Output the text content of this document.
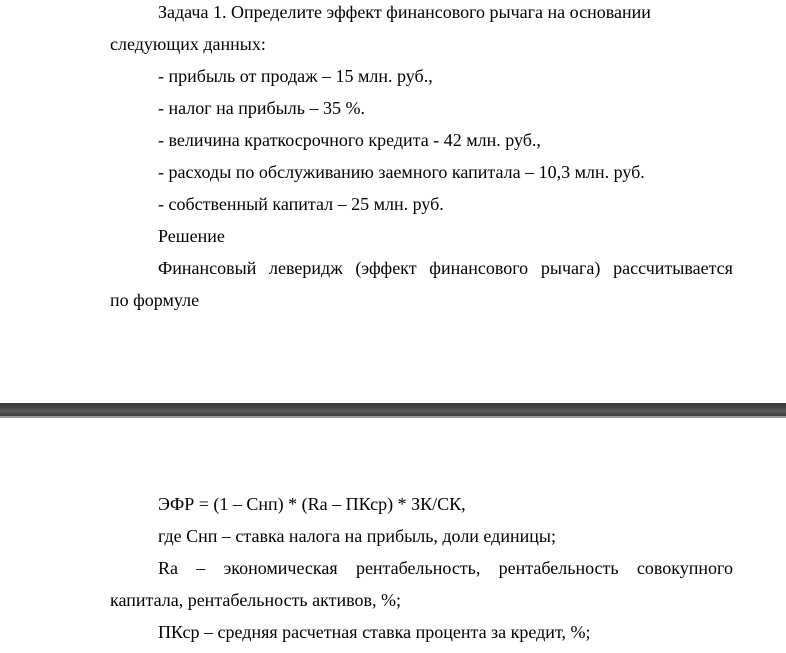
Задача 1. Определите эффект финансового рычага на основании
следующих данных:
- прибыль от продаж – 15 млн. руб.,
- налог на прибыль – 35 %.
- величина краткосрочного кредита - 42 млн. руб.,
- расходы по обслуживанию заемного капитала – 10,3 млн. руб.
- собственный капитал – 25 млн. руб.
Решение
Финансовый леверидж (эффект финансового рычага) рассчитывается
по формуле
ЭФР = (1 – Снп) * (Ra – ПКср) * ЗК/СК,
где Снп – ставка налога на прибыль, доли единицы;
Ra – экономическая рентабельность, рентабельность совокупного
капитала, рентабельность активов, %;
ПКср – средняя расчетная ставка процента за кредит, %;
